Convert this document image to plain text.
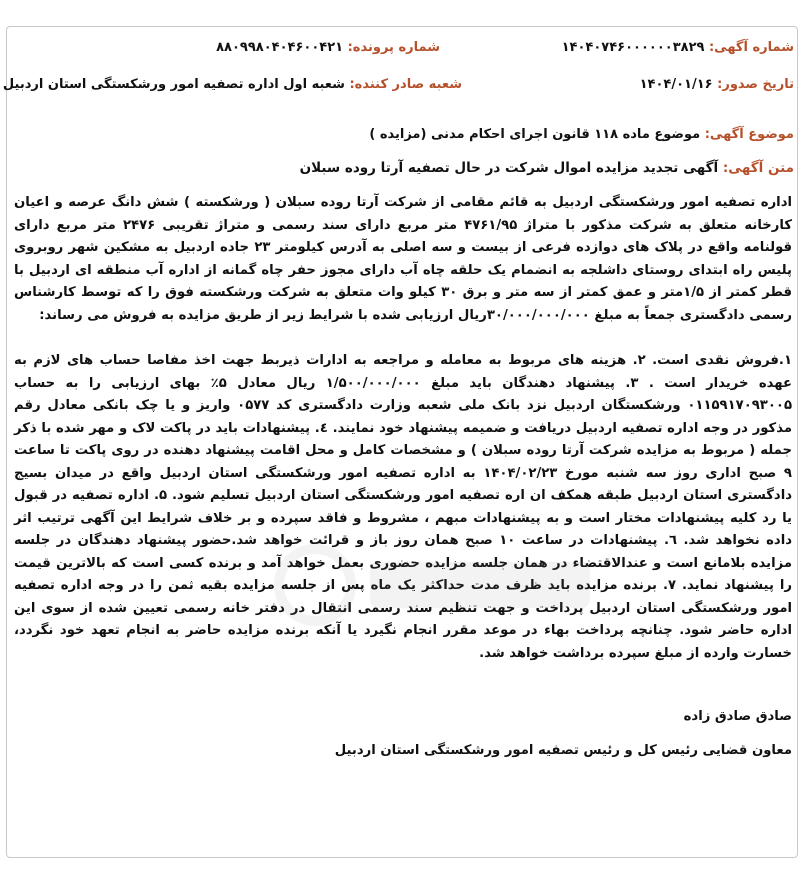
شماره آگهی: ۱۴۰۴۰۷۴۶۰۰۰۰۰۰۳۸۲۹
شماره پرونده: ۸۸۰۹۹۸۰۴۰۴۶۰۰۴۲۱
تاریخ صدور: ۱۴۰۴/۰۱/۱۶
شعبه صادر کننده: شعبه اول اداره تصفیه امور ورشکستگی استان اردبیل
موضوع آگهی: موضوع ماده ۱۱۸ قانون اجرای احکام مدنی (مزایده )
متن آگهی: آگهی تجدید مزایده اموال شرکت در حال تصفیه آرتا روده سبلان
اداره تصفیه امور ورشکستگی اردبیل به قائم مقامی از شرکت آرتا روده سبلان ( ورشکسته ) شش دانگ عرصه و اعیان کارخانه متعلق به شرکت مذکور با متراژ ۴۷۶۱/۹۵ متر مربع دارای سند رسمی و متراژ تقریبی ۲۴۷۶ متر مربع دارای قولنامه واقع در پلاک های دوازده فرعی از بیست و سه اصلی به آدرس کیلومتر ۲۳ جاده اردبیل به مشکین شهر روبروی پلیس راه ابتدای روستای داشلجه به انضمام یک حلقه چاه آب دارای مجوز حفر چاه گمانه از اداره آب منطقه ای اردبیل با قطر کمتر از ۱/۵متر و عمق کمتر از سه متر و برق ۳۰ کیلو وات متعلق به شرکت ورشکسته فوق را که توسط کارشناس رسمی دادگستری جمعاً به مبلغ ۳۰/۰۰۰/۰۰۰/۰۰۰ریال ارزیابی شده با شرایط زیر از طریق مزایده به فروش می رساند:
۱.فروش نقدی است. ۲. هزینه های مربوط به معامله و مراجعه به ادارات ذیربط جهت اخذ مفاصا حساب های لازم به عهده خریدار است . ۳. پیشنهاد دهندگان باید مبلغ ۱/۵۰۰/۰۰۰/۰۰۰ ریال معادل ۵٪ بهای ارزیابی را به حساب ۰۱۱۵۹۱۷۰۹۳۰۰۵ ورشکستگان اردبیل نزد بانک ملی شعبه وزارت دادگستری کد ۰۵۷۷ واریز و یا چک بانکی معادل رقم مذکور در وجه اداره تصفیه اردبیل دریافت و ضمیمه پیشنهاد خود نمایند. ٤. پیشنهادات باید در پاکت لاک و مهر شده با ذکر جمله ( مربوط به مزایده شرکت آرتا روده سبلان ) و مشخصات کامل و محل اقامت پیشنهاد دهنده در روی پاکت تا ساعت ۹ صبح اداری روز سه شنبه مورخ ۱۴۰۴/۰۲/۲۳ به اداره تصفیه امور ورشکستگی استان اردبیل واقع در میدان بسیج دادگستری استان اردبیل طبقه همکف ان اره تصفیه امور ورشکستگی استان اردبیل تسلیم شود. ۵. اداره تصفیه در قبول یا رد کلیه پیشنهادات مختار است و به پیشنهادات مبهم ، مشروط و فاقد سپرده و بر خلاف شرایط این آگهی ترتیب اثر داده نخواهد شد. ٦. پیشنهادات در ساعت ۱۰ صبح همان روز باز و قرائت خواهد شد.حضور پیشنهاد دهندگان در جلسه مزایده بلامانع است و عندالاقتضاء در همان جلسه مزایده حضوری بعمل خواهد آمد و برنده کسی است که بالاترین قیمت را پیشنهاد نماید. ۷. برنده مزایده باید ظرف مدت حداکثر یک ماه پس از جلسه مزایده بقیه ثمن را در وجه اداره تصفیه امور ورشکستگی استان اردبیل پرداخت و جهت تنظیم سند رسمی انتقال در دفتر خانه رسمی تعیین شده از سوی این اداره حاضر شود. چنانچه پرداخت بهاء در موعد مقرر انجام نگیرد یا آنکه برنده مزایده حاضر به انجام تعهد خود نگردد، خسارت وارده از مبلغ سپرده برداشت خواهد شد.
صادق صادق زاده
معاون قضایی رئیس کل و رئیس تصفیه امور ورشکستگی استان اردبیل
